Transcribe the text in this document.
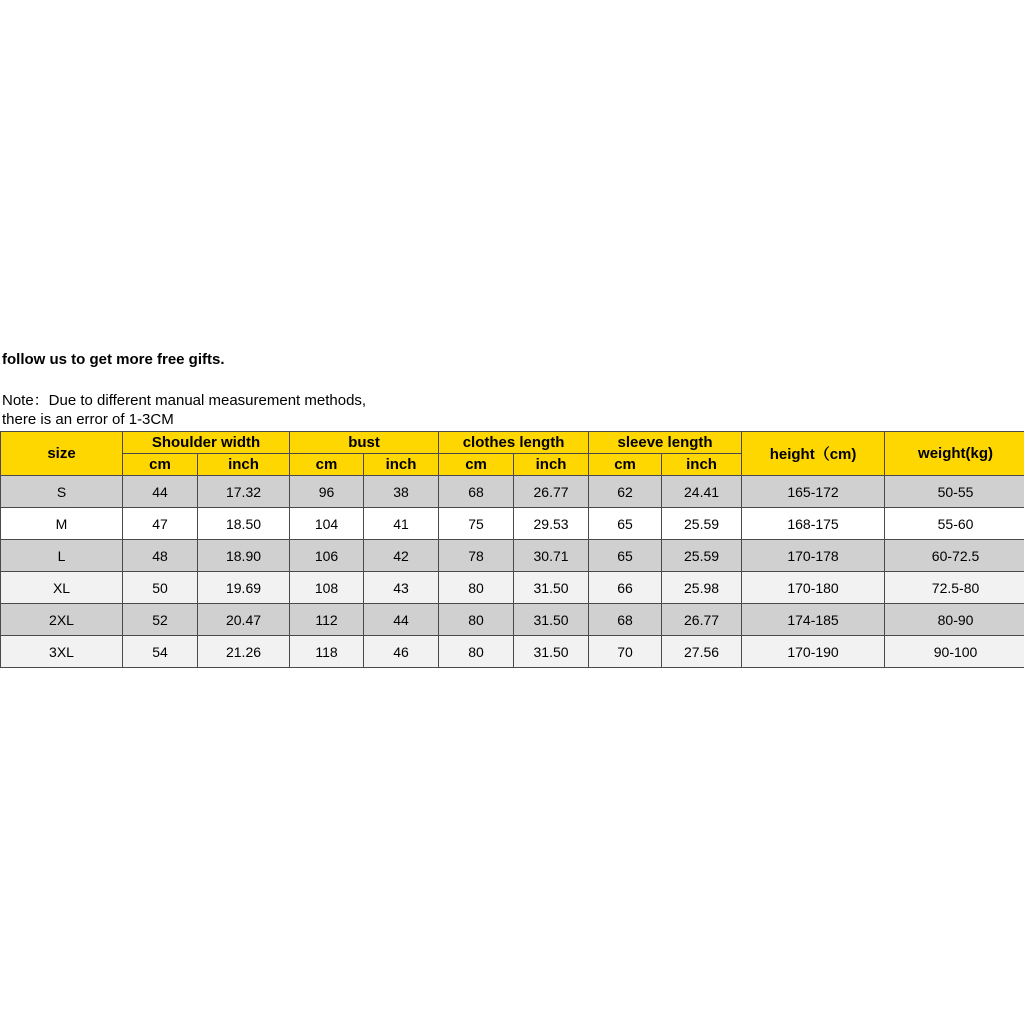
follow us to get more free gifts.
Note：Due to different manual measurement methods,
there is an error of 1-3CM
size	Shoulder width		bust		clothes length		sleeve length		height（cm)	weight(kg)
	cm	inch	cm	inch	cm	inch	cm	inch		
S	44	17.32	96	38	68	26.77	62	24.41	165-172	50-55
M	47	18.50	104	41	75	29.53	65	25.59	168-175	55-60
L	48	18.90	106	42	78	30.71	65	25.59	170-178	60-72.5
XL	50	19.69	108	43	80	31.50	66	25.98	170-180	72.5-80
2XL	52	20.47	112	44	80	31.50	68	26.77	174-185	80-90
3XL	54	21.26	118	46	80	31.50	70	27.56	170-190	90-100
